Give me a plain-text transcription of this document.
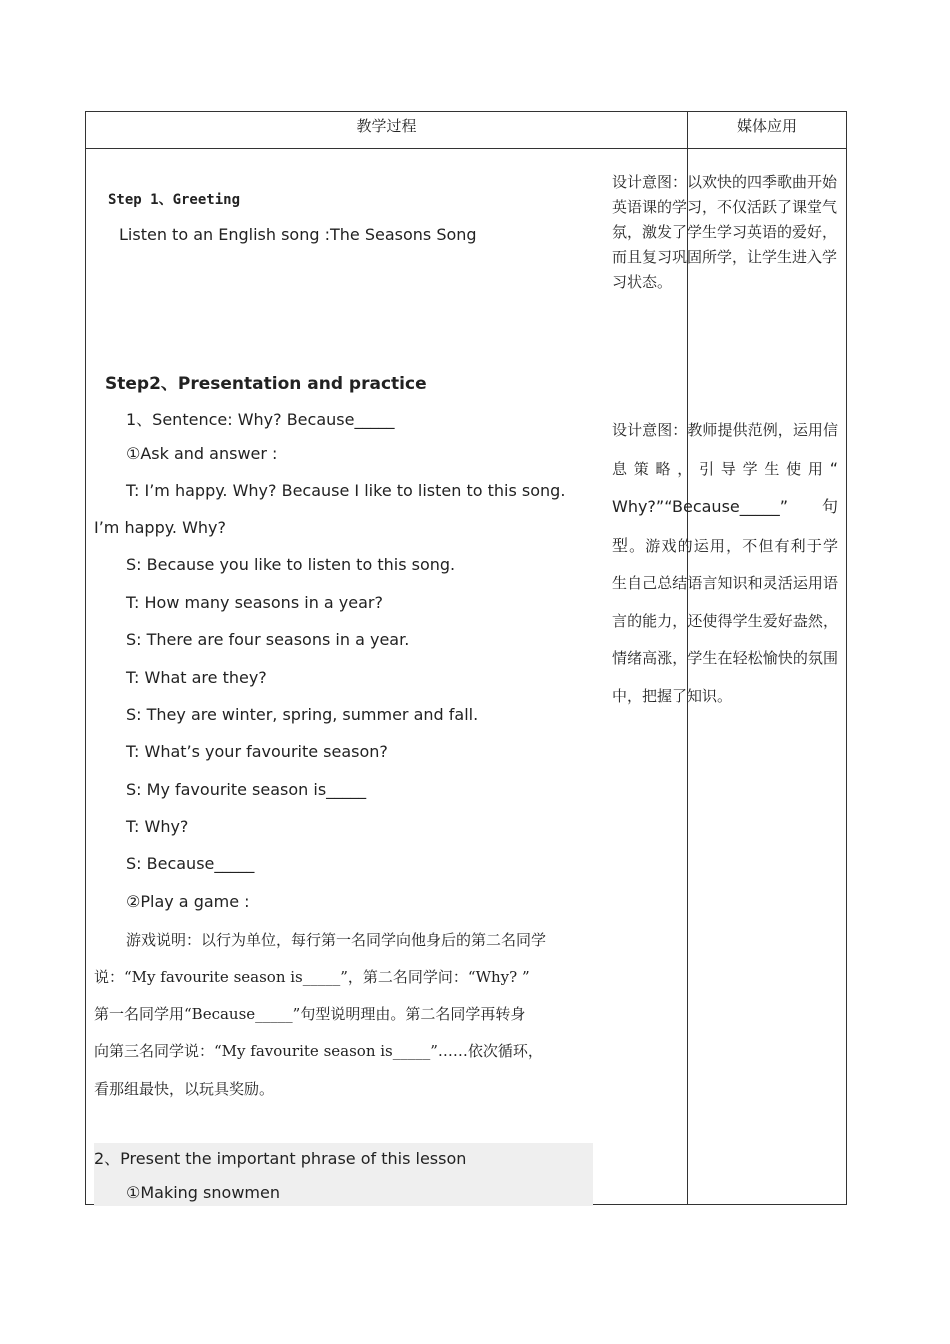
教学过程	媒体应用
Step 1、Greeting
Listen to an English song :The Seasons Song
Step2、Presentation and practice
1、Sentence: Why? Because_____
①Ask and answer :
T: I’m happy. Why? Because I like to listen to this song.
I’m happy. Why?
S: Because you like to listen to this song.
T: How many seasons in a year?
S: There are four seasons in a year.
T: What are they?
S: They are winter, spring, summer and fall.
T: What’s your favourite season?
S: My favourite season is_____
T: Why?
S: Because_____
②Play a game :
游戏说明：以行为单位，每行第一名同学向他身后的第二名同学
说：“My favourite season is_____”，第二名同学问：“Why? ”
第一名同学用“Because_____”句型说明理由。第二名同学再转身
向第三名同学说：“My favourite season is_____”……依次循环，
看那组最快，以玩具奖励。
2、Present the important phrase of this lesson
①Making snowmen
设计意图：以欢快的四季歌曲开始英语课的学习，不仅活跃了课堂气氛，激发了学生学习英语的爱好，而且复习巩固所学，让学生进入学习状态。
设计意图：教师提供范例，运用信息策略，引导学生使用“ Why?”“Because_____” 句型。游戏的运用，不但有利于学生自己总结语言知识和灵活运用语言的能力，还使得学生爱好盎然，情绪高涨，学生在轻松愉快的氛围中，把握了知识。
